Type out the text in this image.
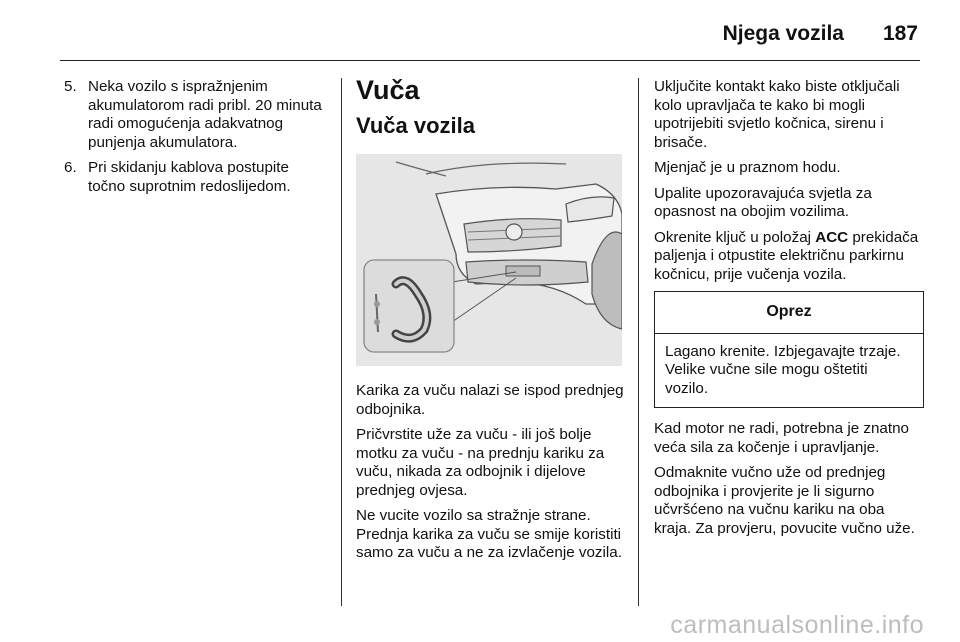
Njega vozila 187
5. Neka vozilo s ispražnjenim akumulatorom radi pribl. 20 minuta radi omogućenja adakvatnog punjenja akumulatora.
6. Pri skidanju kablova postupite točno suprotnim redoslijedom.
Vuča
Vuča vozila

Karika za vuču nalazi se ispod prednjeg odbojnika.

Pričvrstite uže za vuču - ili još bolje motku za vuču - na prednju kariku za vuču, nikada za odbojnik i dijelove prednjeg ovjesa.

Ne vucite vozilo sa stražnje strane. Prednja karika za vuču se smije koristiti samo za vuču a ne za izvlačenje vozila.

Uključite kontakt kako biste otključali kolo upravljača te kako bi mogli upotrijebiti svjetlo kočnica, sirenu i brisače.

Mjenjač je u praznom hodu.

Upalite upozoravajuća svjetla za opasnost na obojim vozilima.

Okrenite ključ u položaj ACC prekidača paljenja i otpustite električnu parkirnu kočnicu, prije vučenja vozila.

Oprez
Lagano krenite. Izbjegavajte trzaje. Velike vučne sile mogu oštetiti vozilo.

Kad motor ne radi, potrebna je znatno veća sila za kočenje i upravljanje.

Odmaknite vučno uže od prednjeg odbojnika i provjerite je li sigurno učvršćeno na vučnu kariku na oba kraja. Za provjeru, povucite vučno uže.

carmanualsonline.info
